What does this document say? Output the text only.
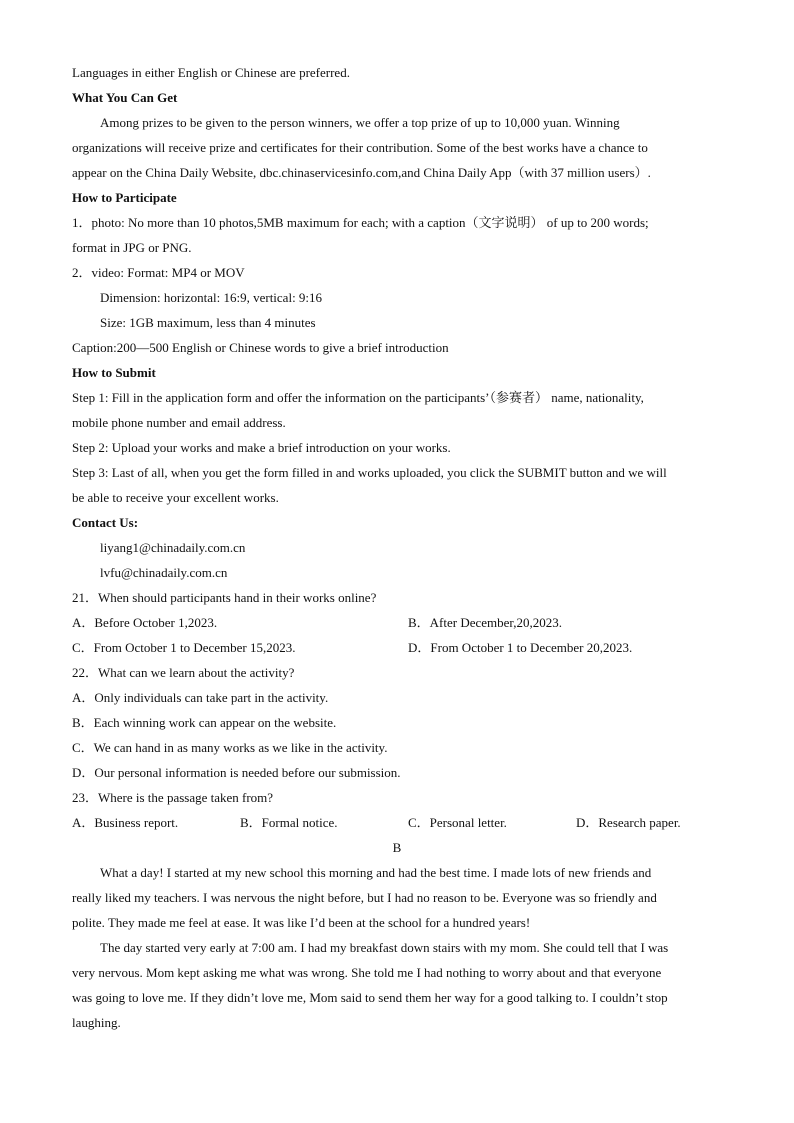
Languages in either English or Chinese are preferred.
What You Can Get
Among prizes to be given to the person winners, we offer a top prize of up to 10,000 yuan. Winning
organizations will receive prize and certificates for their contribution. Some of the best works have a chance to
appear on the China Daily Website, dbc.chinaservicesinfo.com,and China Daily App（with 37 million users）.
How to Participate
1．photo: No more than 10 photos,5MB maximum for each; with a caption（文字说明） of up to 200 words;
format in JPG or PNG.
2．video: Format: MP4 or MOV
Dimension: horizontal: 16:9, vertical: 9:16
Size: 1GB maximum, less than 4 minutes
Caption:200—500 English or Chinese words to give a brief introduction
How to Submit
Step 1: Fill in the application form and offer the information on the participants’（参赛者） name, nationality,
mobile phone number and email address.
Step 2: Upload your works and make a brief introduction on your works.
Step 3: Last of all, when you get the form filled in and works uploaded, you click the SUBMIT button and we will
be able to receive your excellent works.
Contact Us:
liyang1@chinadaily.com.cn
lvfu@chinadaily.com.cn
21．When should participants hand in their works online?
A．Before October 1,2023.	B．After December,20,2023.
C．From October 1 to December 15,2023.	D．From October 1 to December 20,2023.
22．What can we learn about the activity?
A．Only individuals can take part in the activity.
B．Each winning work can appear on the website.
C．We can hand in as many works as we like in the activity.
D．Our personal information is needed before our submission.
23．Where is the passage taken from?
A．Business report.	B．Formal notice.	C．Personal letter.	D．Research paper.
B
What a day! I started at my new school this morning and had the best time. I made lots of new friends and
really liked my teachers. I was nervous the night before, but I had no reason to be. Everyone was so friendly and
polite. They made me feel at ease. It was like I’d been at the school for a hundred years!
The day started very early at 7:00 am. I had my breakfast down stairs with my mom. She could tell that I was
very nervous. Mom kept asking me what was wrong. She told me I had nothing to worry about and that everyone
was going to love me. If they didn’t love me, Mom said to send them her way for a good talking to. I couldn’t stop
laughing.
